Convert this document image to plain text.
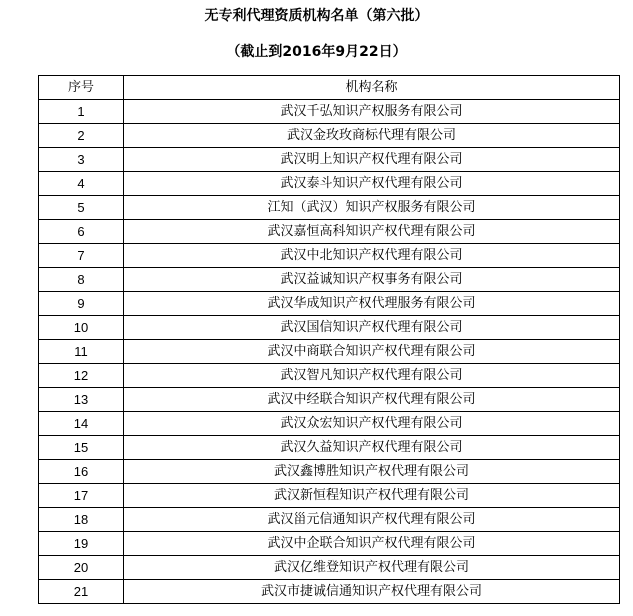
无专利代理资质机构名单（第六批）
（截止到2016年9月22日）
序号	机构名称
1	武汉千弘知识产权服务有限公司
2	武汉金玫玫商标代理有限公司
3	武汉明上知识产权代理有限公司
4	武汉泰斗知识产权代理有限公司
5	江知（武汉）知识产权服务有限公司
6	武汉嘉恒高科知识产权代理有限公司
7	武汉中北知识产权代理有限公司
8	武汉益诚知识产权事务有限公司
9	武汉华成知识产权代理服务有限公司
10	武汉国信知识产权代理有限公司
11	武汉中商联合知识产权代理有限公司
12	武汉智凡知识产权代理有限公司
13	武汉中经联合知识产权代理有限公司
14	武汉众宏知识产权代理有限公司
15	武汉久益知识产权代理有限公司
16	武汉鑫博胜知识产权代理有限公司
17	武汉新恒程知识产权代理有限公司
18	武汉甾元信通知识产权代理有限公司
19	武汉中企联合知识产权代理有限公司
20	武汉亿维登知识产权代理有限公司
21	武汉市捷诚信通知识产权代理有限公司
